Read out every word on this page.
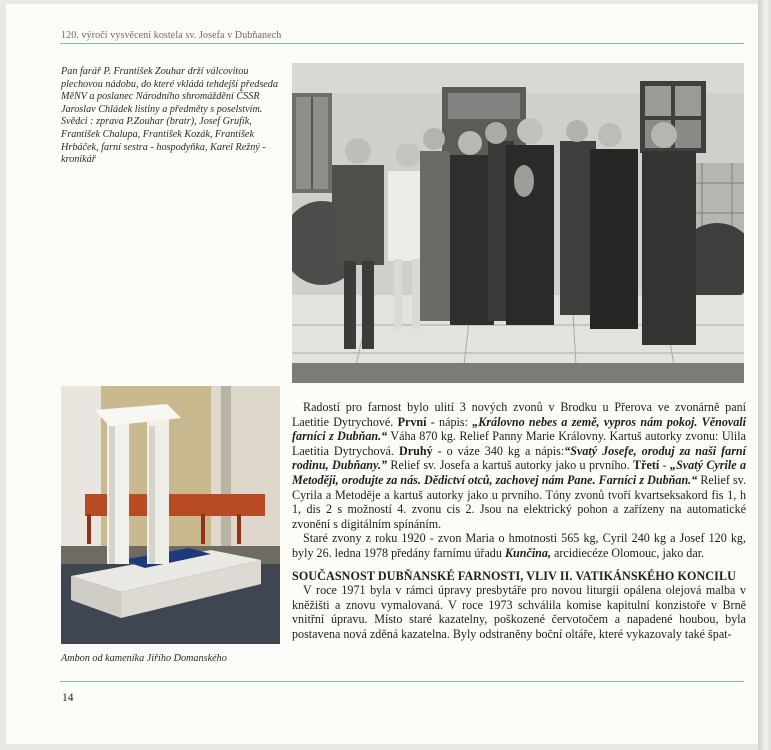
120. výročí vysvěcení kostela sv. Josefa v Dubňanech
Pan farář P. František Zouhar drží válcovitou plechovou nádobu, do které vkládá tehdejší předseda MěNV a poslanec Národního shromáždění ČSSR Jaroslav Chládek listiny a předměty s poselstvím. Svědci : zprava P.Zouhar (bratr), Josef Grufík, František Chalupa, František Kozák, František Hrbáček, farní sestra - hospodyňka, Karel Režný - kronikář
Ambon od kameníka Jiřího Domanského

Radostí pro farnost bylo ulití 3 nových zvonů v Brodku u Přerova ve zvonárně paní Laetitie Dytrychové. První - nápis: „Královno nebes a země, vypros nám pokoj. Věnovali farníci z Dubňan.“ Váha 870 kg. Relief Panny Marie Královny. Kartuš autorky zvonu: Ulila Laetitia Dytrychová. Druhý - o váze 340 kg a nápis:“Svatý Josefe, oroduj za naši farní rodinu, Dubňany.” Relief sv. Josefa a kartuš autorky jako u prvního. Třetí - „Svatý Cyrile a Metoději, orodujte za nás. Dědictví otců, zachovej nám Pane. Farníci z Dubňan.“ Relief sv. Cyrila a Metoděje a kartuš autorky jako u prvního. Tóny zvonů tvoří kvartseksakord fis 1, h 1, dis 2 s možností 4. zvonu cis 2. Jsou na elektrický pohon a zařízeny na automatické zvonění s digitálním spínáním.

Staré zvony z roku 1920 - zvon Maria o hmotnosti 565 kg, Cyril 240 kg a Josef 120 kg, byly 26. ledna 1978 předány farnímu úřadu Kunčina, arcidiecéze Olomouc, jako dar.

SOUČASNOST DUBŇANSKÉ FARNOSTI, VLIV II. VATIKÁNSKÉHO KONCILU

V roce 1971 byla v rámci úpravy presbytáře pro novou liturgii opálena olejová malba v kněžišti a znovu vymalovaná. V roce 1973 schválila komise kapitulní konzistoře v Brně vnitřní úpravu. Místo staré kazatelny, poškozené červotočem a napadené houbou, byla postavena nová zděná kazatelna. Byly odstraněny boční oltáře, které vykazovaly také špat-

14
